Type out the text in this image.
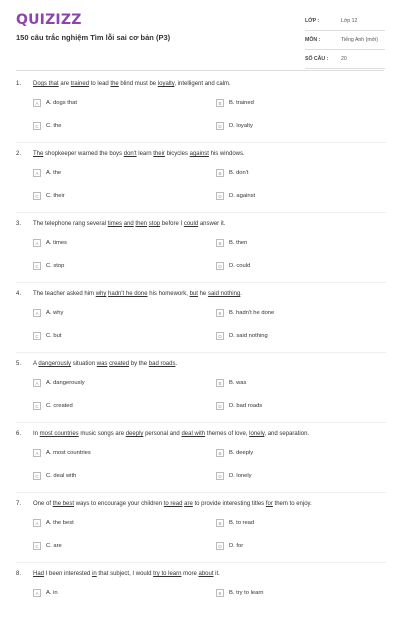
QUIZIZZ
150 câu trắc nghiệm Tìm lỗi sai cơ bản (P3)
LỚP :	Lớp 12
MÔN :	Tiếng Anh (mới)
SỐ CÂU :	20
1. Dogs that are trained to lead the blind must be loyalty, intelligent and calm.
A	A. dogs that	B	B. trained
C	C. the	D	D. loyalty
2. The shopkeeper warned the boys don't learn their bicycles against his windows.
A	A. the	B	B. don't
C	C. their	D	D. against
3. The telephone rang several times and then stop before I could answer it.
A	A. times	B	B. then
C	C. stop	D	D. could
4. The teacher asked him why hadn't he done his homework, but he said nothing.
A	A. why	B	B. hadn't he done
C	C. but	D	D. said nothing
5. A dangerously situation was created by the bad roads.
A	A. dangerously	B	B. was
C	C. created	D	D. bad roads
6. In most countries music songs are deeply personal and deal with themes of love, lonely, and separation.
A	A. most countries	B	B. deeply
C	C. deal with	D	D. lonely
7. One of the best ways to encourage your children to read are to provide interesting titles for them to enjoy.
A	A. the best	B	B. to read
C	C. are	D	D. for
8. Had I been interested in that subject, I would try to learn more about it.
A	A. in	B	B. try to learn
